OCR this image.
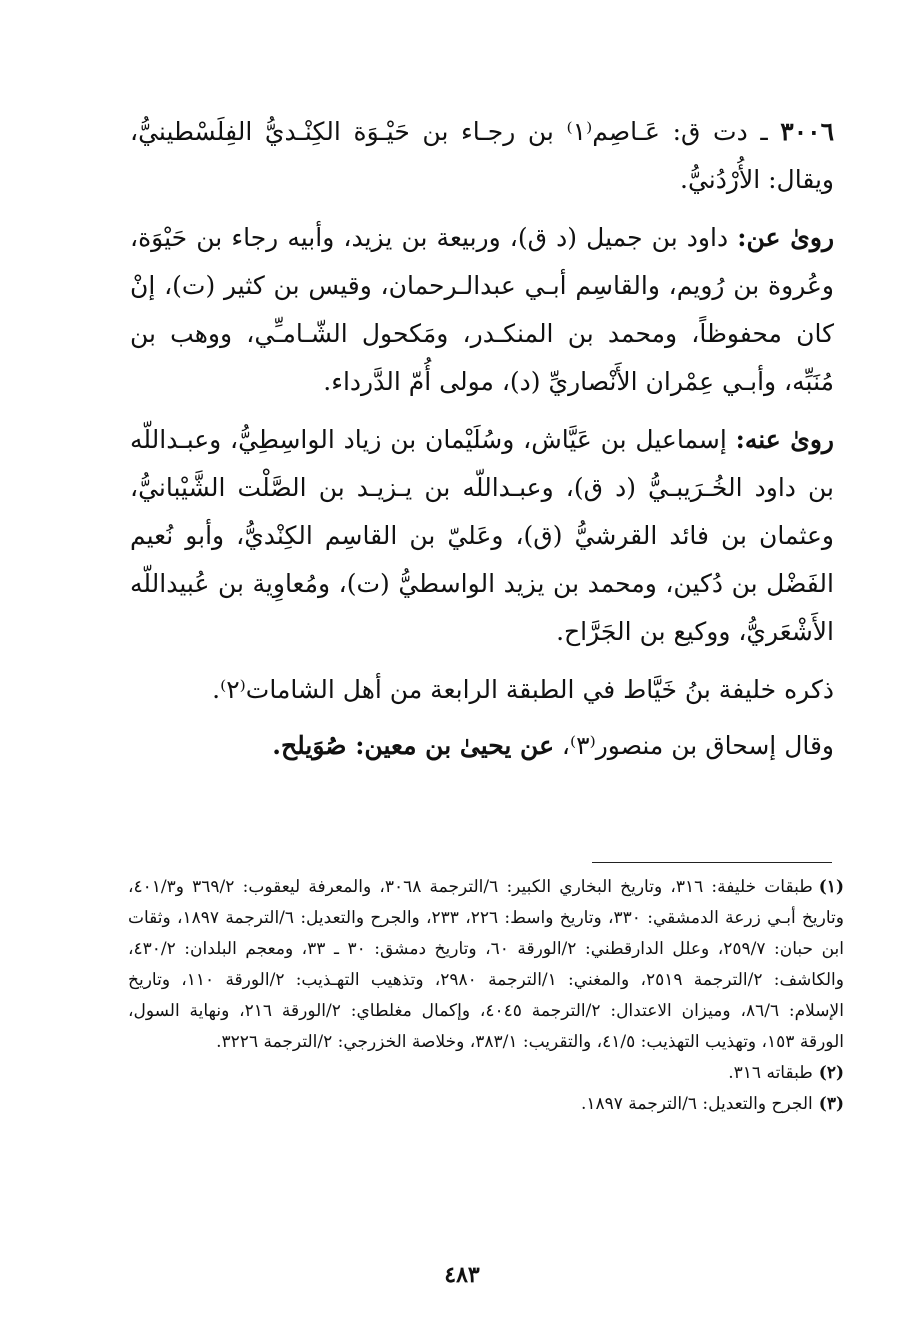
٣٠٠٦ ـ دت ق: عَـاصِم⁽١⁾ بن رجـاء بن حَيْـوَة الكِنْـديُّ الفِلَسْطينيُّ، ويقال: الأُرْدُنيُّ.

روىٰ عن: داود بن جميل (د ق)، وربيعة بن يزيد، وأبيه رجاء بن حَيْوَة، وعُروة بن رُويم، والقاسِم أبـي عبدالـرحمان، وقيس بن كثير (ت)، إنْ كان محفوظاً، ومحمد بن المنكـدر، ومَكحول الشّـامـِّي، ووهب بن مُنَبِّه، وأبـي عِمْران الأَنْصاريِّ (د)، مولى أُمّ الدَّرداء.

روىٰ عنه: إسماعيل بن عَيَّاش، وسُلَيْمان بن زياد الواسِطِيُّ، وعبـداللّه بن داود الخُـرَيبـيُّ (د ق)، وعبـداللّه بن يـزيـد بن الصَّلْت الشَّيْبانيُّ، وعثمان بن فائد القرشيُّ (ق)، وعَليّ بن القاسِم الكِنْديُّ، وأبو نُعيم الفَضْل بن دُكين، ومحمد بن يزيد الواسطيُّ (ت)، ومُعاوِية بن عُبيداللّه الأَشْعَريُّ، ووكيع بن الجَرَّاح.

ذكره خليفة بنُ خَيَّاط في الطبقة الرابعة من أهل الشامات⁽٢⁾.

وقال إسحاق بن منصور⁽٣⁾، عن يحيىٰ بن معين: صُوَيلح.

(١)طبقات خليفة: ٣١٦، وتاريخ البخاري الكبير: ٦/الترجمة ٣٠٦٨، والمعرفة ليعقوب: ٣٦٩/٢ و٤٠١/٣، وتاريخ أبـي زرعة الدمشقي: ٣٣٠، وتاريخ واسط: ٢٢٦، ٢٣٣، والجرح والتعديل: ٦/الترجمة ١٨٩٧، وثقات ابن حبان: ٢٥٩/٧، وعلل الدارقطني: ٢/الورقة ٦٠، وتاريخ دمشق: ٣٠ ـ ٣٣، ومعجم البلدان: ٤٣٠/٢، والكاشف: ٢/الترجمة ٢٥١٩، والمغني: ١/الترجمة ٢٩٨٠، وتذهيب التهـذيب: ٢/الورقة ١١٠، وتاريخ الإسلام: ٨٦/٦، وميزان الاعتدال: ٢/الترجمة ٤٠٤٥، وإكمال مغلطاي: ٢/الورقة ٢١٦، ونهاية السول، الورقة ١٥٣، وتهذيب التهذيب: ٤١/٥، والتقريب: ٣٨٣/١، وخلاصة الخزرجي: ٢/الترجمة ٣٢٢٦.

(٢)طبقاته ٣١٦.

(٣)الجرح والتعديل: ٦/الترجمة ١٨٩٧.

٤٨٣
